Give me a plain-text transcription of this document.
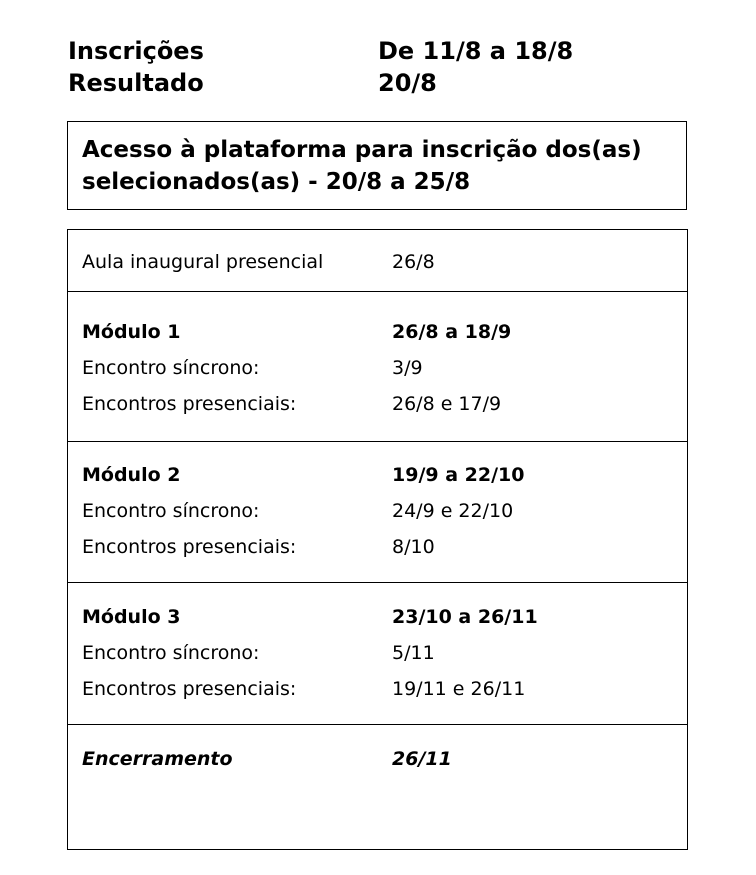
Inscrições	De 11/8 a 18/8
Resultado	20/8
Acesso à plataforma para inscrição dos(as) selecionados(as) - 20/8 a 25/8
Aula inaugural presencial	26/8
Módulo 1	26/8 a 18/9
Encontro síncrono:	3/9
Encontros presenciais:	26/8 e 17/9
Módulo 2	19/9 a 22/10
Encontro síncrono:	24/9 e 22/10
Encontros presenciais:	8/10
Módulo 3	23/10 a 26/11
Encontro síncrono:	5/11
Encontros presenciais:	19/11 e 26/11
Encerramento	26/11
